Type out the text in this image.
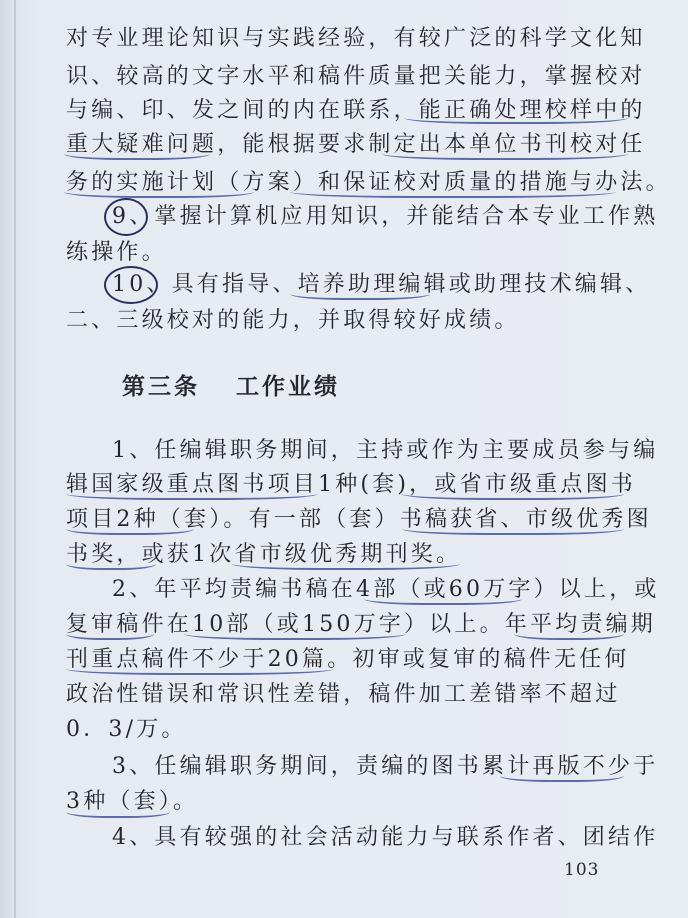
对专业理论知识与实践经验，有较广泛的科学文化知
识、较高的文字水平和稿件质量把关能力，掌握校对
与编、印、发之间的内在联系，能正确处理校样中的
重大疑难问题，能根据要求制定出本单位书刊校对任
务的实施计划（方案）和保证校对质量的措施与办法。
9、掌握计算机应用知识，并能结合本专业工作熟
练操作。
10、具有指导、培养助理编辑或助理技术编辑、
二、三级校对的能力，并取得较好成绩。
第三条 工作业绩
1、任编辑职务期间，主持或作为主要成员参与编
辑国家级重点图书项目1种(套)，或省市级重点图书
项目2种（套）。有一部（套）书稿获省、市级优秀图
书奖，或获1次省市级优秀期刊奖。
2、年平均责编书稿在4部（或60万字）以上，或
复审稿件在10部（或150万字）以上。年平均责编期
刊重点稿件不少于20篇。初审或复审的稿件无任何
政治性错误和常识性差错，稿件加工差错率不超过
0．3/万。
3、任编辑职务期间，责编的图书累计再版不少于
3种（套）。
4、具有较强的社会活动能力与联系作者、团结作
103
